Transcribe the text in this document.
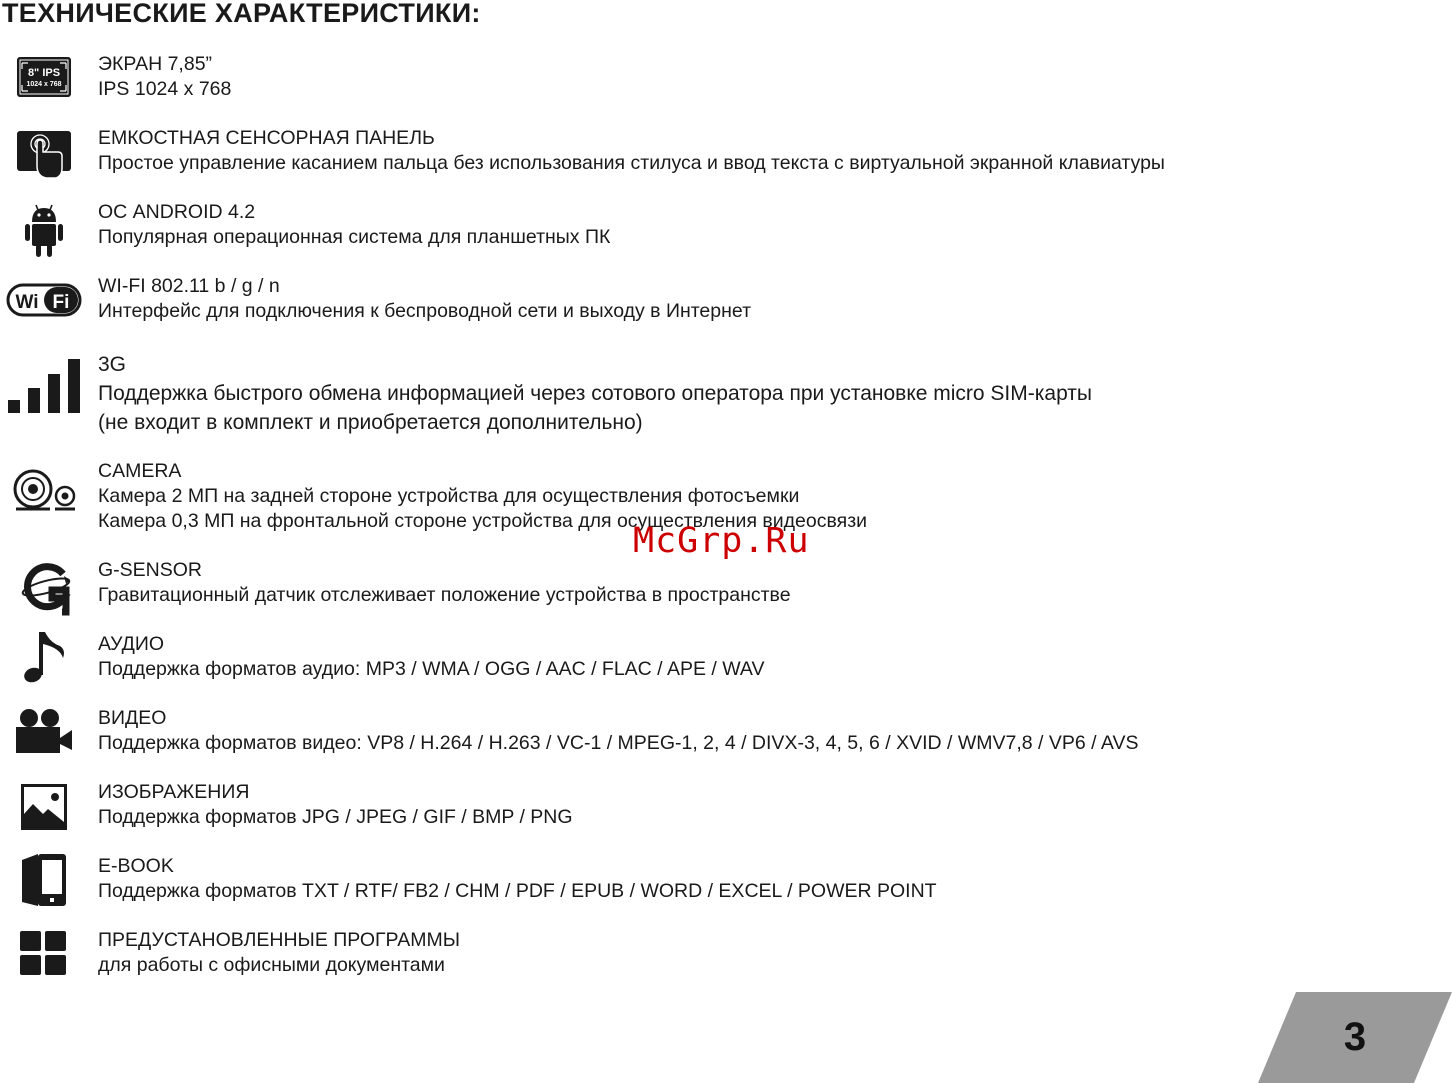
ТЕХНИЧЕСКИЕ ХАРАКТЕРИСТИКИ:
8" IPS
1024 x 768
ЭКРАН 7,85”
IPS 1024 x 768
ЕМКОСТНАЯ СЕНСОРНАЯ ПАНЕЛЬ
Простое управление касанием пальца без использования стилуса и ввод текста с виртуальной экранной клавиатуры
ОС ANDROID 4.2
Популярная операционная система для планшетных ПК
Wi Fi
WI-FI 802.11 b / g / n
Интерфейс для подключения к беспроводной сети и выходу в Интернет
3G
Поддержка быстрого обмена информацией через сотового оператора при установке micro SIM-карты
(не входит в комплект и приобретается дополнительно)
CAMERA
Камера 2 МП на задней стороне устройства для осуществления фотосъемки
Камера 0,3 МП на фронтальной стороне устройства для осуществления видеосвязи
G-SENSOR
Гравитационный датчик отслеживает положение устройства в пространстве
АУДИО
Поддержка форматов аудио: MP3 / WMA / OGG / AAC / FLAC / APE / WAV
ВИДЕО
Поддержка форматов видео: VP8 / H.264 / H.263 / VC-1 / MPEG-1, 2, 4 / DIVX-3, 4, 5, 6 / XVID / WMV7,8 / VP6 / AVS
ИЗОБРАЖЕНИЯ
Поддержка форматов JPG / JPEG / GIF / BMP / PNG
E-BOOK
Поддержка форматов TXT / RTF/ FB2 / CHM / PDF / EPUB / WORD / EXCEL / POWER POINT
ПРЕДУСТАНОВЛЕННЫЕ ПРОГРАММЫ
для работы с офисными документами
McGrp.Ru
3
